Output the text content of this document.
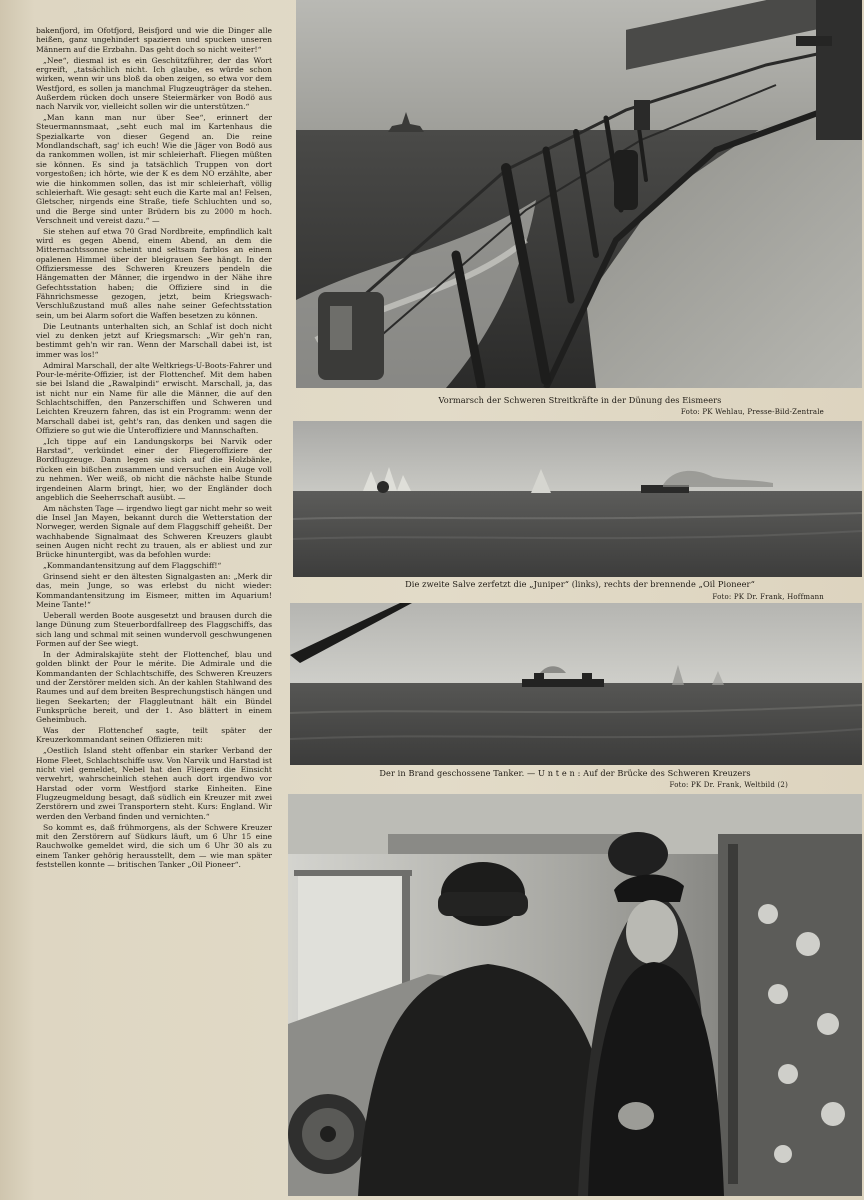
bakenfjord, im Ofotfjord, Beisfjord und wie die Dinger alle heißen, ganz ungehindert spazieren und spucken unseren Männern auf die Erzbahn. Das geht doch so nicht weiter!“

„Nee“, diesmal ist es ein Geschützführer, der das Wort ergreift, „tatsächlich nicht. Ich glaube, es würde schon wirken, wenn wir uns bloß da oben zeigen, so etwa vor dem Westfjord, es sollen ja manchmal Flugzeugträger da stehen. Außerdem rücken doch unsere Steiermärker von Bodö aus nach Narvik vor, vielleicht sollen wir die unterstützen.“

„Man kann man nur über See“, erinnert der Steuermannsmaat, „seht euch mal im Kartenhaus die Spezialkarte von dieser Gegend an. Die reine Mondlandschaft, sag' ich euch! Wie die Jäger von Bodö aus da rankommen wollen, ist mir schleierhaft. Fliegen müßten sie können. Es sind ja tatsächlich Truppen von dort vorgestoßen; ich hörte, wie der K es dem NO erzählte, aber wie die hinkommen sollen, das ist mir schleierhaft, völlig schleierhaft. Wie gesagt: seht euch die Karte mal an! Felsen, Gletscher, nirgends eine Straße, tiefe Schluchten und so, und die Berge sind unter Brüdern bis zu 2000 m hoch. Verschneit und vereist dazu.“ —

Sie stehen auf etwa 70 Grad Nordbreite, empfindlich kalt wird es gegen Abend, einem Abend, an dem die Mitternachtssonne scheint und seltsam farblos an einem opalenen Himmel über der bleigrauen See hängt. In der Offiziersmesse des Schweren Kreuzers pendeln die Hängematten der Männer, die irgendwo in der Nähe ihre Gefechtsstation haben; die Offiziere sind in die Fähnrichsmesse gezogen, jetzt, beim Kriegswach-Verschlußzustand muß alles nahe seiner Gefechtsstation sein, um bei Alarm sofort die Waffen besetzen zu können.

Die Leutnants unterhalten sich, an Schlaf ist doch nicht viel zu denken jetzt auf Kriegsmarsch: „Wir geh'n ran, bestimmt geh'n wir ran. Wenn der Marschall dabei ist, ist immer was los!“

Admiral Marschall, der alte Weltkriegs-U-Boots-Fahrer und Pour-le-mérite-Offizier, ist der Flottenchef. Mit dem haben sie bei Island die „Rawalpindi“ erwischt. Marschall, ja, das ist nicht nur ein Name für alle die Männer, die auf den Schlachtschiffen, den Panzerschiffen und Schweren und Leichten Kreuzern fahren, das ist ein Programm: wenn der Marschall dabei ist, geht's ran, das denken und sagen die Offiziere so gut wie die Unteroffiziere und Mannschaften.

„Ich tippe auf ein Landungskorps bei Narvik oder Harstad“, verkündet einer der Fliegeroffiziere der Bordflugzeuge. Dann legen sie sich auf die Holzbänke, rücken ein bißchen zusammen und versuchen ein Auge voll zu nehmen. Wer weiß, ob nicht die nächste halbe Stunde irgendeinen Alarm bringt, hier, wo der Engländer doch angeblich die Seeherrschaft ausübt. —

Am nächsten Tage — irgendwo liegt gar nicht mehr so weit die Insel Jan Mayen, bekannt durch die Wetterstation der Norweger, werden Signale auf dem Flaggschiff geheißt. Der wachhabende Signalmaat des Schweren Kreuzers glaubt seinen Augen nicht recht zu trauen, als er abliest und zur Brücke hinuntergibt, was da befohlen wurde:

„Kommandantensitzung auf dem Flaggschiff!“

Grinsend sieht er den ältesten Signalgasten an: „Merk dir das, mein Junge, so was erlebst du nicht wieder: Kommandantensitzung im Eismeer, mitten im Aquarium! Meine Tante!“

Ueberall werden Boote ausgesetzt und brausen durch die lange Dünung zum Steuerbordfallreep des Flaggschiffs, das sich lang und schmal mit seinen wundervoll geschwungenen Formen auf der See wiegt.

In der Admiralskajüte steht der Flottenchef, blau und golden blinkt der Pour le mérite. Die Admirale und die Kommandanten der Schlachtschiffe, des Schweren Kreuzers und der Zerstörer melden sich. An der kahlen Stahlwand des Raumes und auf dem breiten Besprechungstisch hängen und liegen Seekarten; der Flaggleutnant hält ein Bündel Funksprüche bereit, und der 1. Aso blättert in einem Geheimbuch.

Was der Flottenchef sagte, teilt später der Kreuzerkommandant seinen Offizieren mit:

„Oestlich Island steht offenbar ein starker Verband der Home Fleet, Schlachtschiffe usw. Von Narvik und Harstad ist nicht viel gemeldet, Nebel hat den Fliegern die Einsicht verwehrt, wahrscheinlich stehen auch dort irgendwo vor Harstad oder vorm Westfjord starke Einheiten. Eine Flugzeugmeldung besagt, daß südlich ein Kreuzer mit zwei Zerstörern und zwei Transportern steht. Kurs: England. Wir werden den Verband finden und vernichten.“

So kommt es, daß frühmorgens, als der Schwere Kreuzer mit den Zerstörern auf Südkurs läuft, um 6 Uhr 15 eine Rauchwolke gemeldet wird, die sich um 6 Uhr 30 als zu einem Tanker gehörig herausstellt, dem — wie man später feststellen konnte — britischen Tanker „Oil Pioneer“.

Vormarsch der Schweren Streitkräfte in der Dünung des Eismeers
Foto: PK Wehlau, Presse-Bild-Zentrale
Die zweite Salve zerfetzt die „Juniper“ (links), rechts der brennende „Oil Pioneer“
Foto: PK Dr. Frank, Hoffmann
Der in Brand geschossene Tanker. — U n t e n : Auf der Brücke des Schweren Kreuzers
Foto: PK Dr. Frank, Weltbild (2)
